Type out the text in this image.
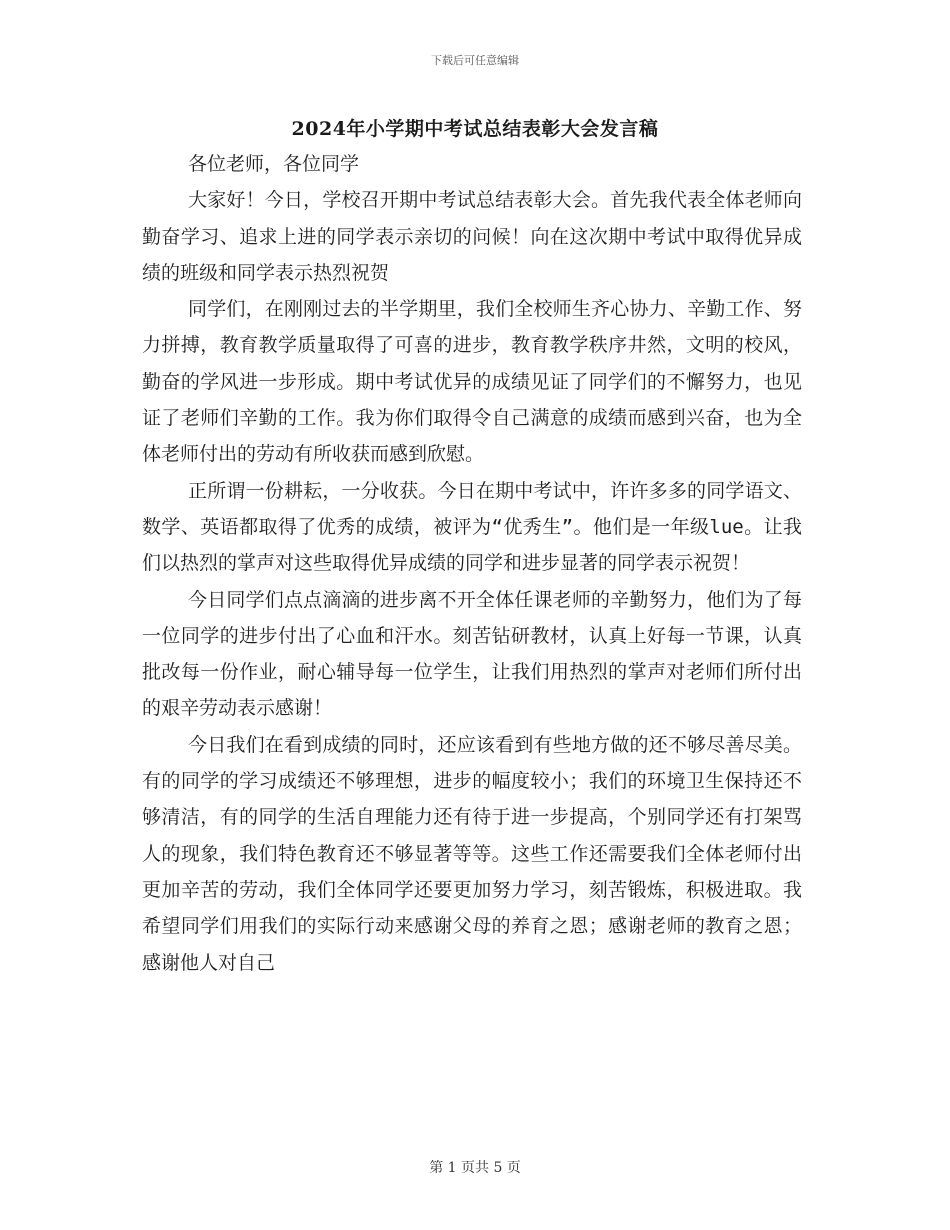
下载后可任意编辑
2024年小学期中考试总结表彰大会发言稿

各位老师，各位同学

大家好！今日，学校召开期中考试总结表彰大会。首先我代表全体老师向勤奋学习、追求上进的同学表示亲切的问候！向在这次期中考试中取得优异成绩的班级和同学表示热烈祝贺

同学们，在刚刚过去的半学期里，我们全校师生齐心协力、辛勤工作、努力拼搏，教育教学质量取得了可喜的进步，教育教学秩序井然，文明的校风，勤奋的学风进一步形成。期中考试优异的成绩见证了同学们的不懈努力，也见证了老师们辛勤的工作。我为你们取得令自己满意的成绩而感到兴奋，也为全体老师付出的劳动有所收获而感到欣慰。

正所谓一份耕耘，一分收获。今日在期中考试中，许许多多的同学语文、数学、英语都取得了优秀的成绩，被评为“优秀生”。他们是一年级lue。让我们以热烈的掌声对这些取得优异成绩的同学和进步显著的同学表示祝贺！

今日同学们点点滴滴的进步离不开全体任课老师的辛勤努力，他们为了每一位同学的进步付出了心血和汗水。刻苦钻研教材，认真上好每一节课，认真批改每一份作业，耐心辅导每一位学生，让我们用热烈的掌声对老师们所付出的艰辛劳动表示感谢！

今日我们在看到成绩的同时，还应该看到有些地方做的还不够尽善尽美。有的同学的学习成绩还不够理想，进步的幅度较小；我们的环境卫生保持还不够清洁，有的同学的生活自理能力还有待于进一步提高，个别同学还有打架骂人的现象，我们特色教育还不够显著等等。这些工作还需要我们全体老师付出更加辛苦的劳动，我们全体同学还要更加努力学习，刻苦锻炼，积极进取。我希望同学们用我们的实际行动来感谢父母的养育之恩；感谢老师的教育之恩；感谢他人对自己

第 1 页共 5 页
